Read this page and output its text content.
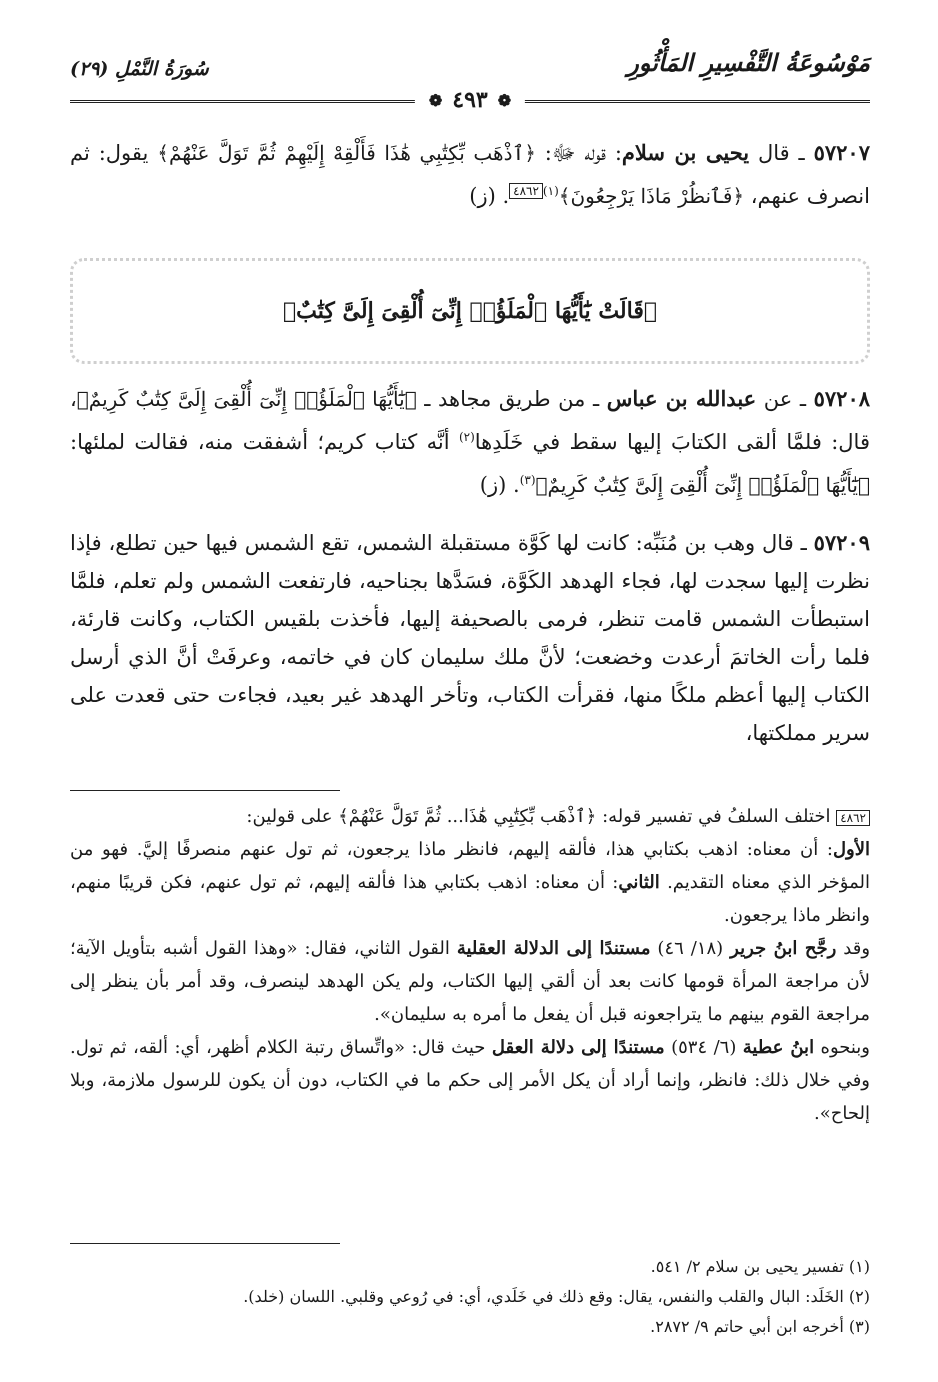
مَوْسُوعَةُ التَّفْسِيرِ المَأْثُورِ
سُورَةُ النَّمْلِ (٢٩)
❁
٤٩٣
❁

٥٧٢٠٧ ـ قال يحيى بن سلام: قوله ﷻ: ﴿ٱذْهَب بِّكِتَٰبِي هَٰذَا فَأَلْقِهْ إِلَيْهِمْ ثُمَّ تَوَلَّ عَنْهُمْ﴾ يقول: ثم انصرف عنهم، ﴿فَٱنظُرْ مَاذَا يَرْجِعُونَ﴾$^{(١)}$٤٨٦٢. (ز)

﴿قَالَتْ يَٰٓأَيُّهَا ٱلْمَلَؤُا۟ إِنِّىٓ أُلْقِىَ إِلَىَّ كِتَٰبٌ﴾

٥٧٢٠٨ ـ عن عبدالله بن عباس ـ من طريق مجاهد ـ ﴿يَٰٓأَيُّهَا ٱلْمَلَؤُا۟ إِنِّىٓ أُلْقِىَ إِلَىَّ كِتَٰبٌ كَرِيمٌ﴾، قال: فلمَّا ألقى الكتابَ إليها سقط في خَلَدِها$^{(٢)}$ أنَّه كتاب كريم؛ أشفقت منه، فقالت لملئها: ﴿يَٰٓأَيُّهَا ٱلْمَلَؤُا۟ إِنِّىٓ أُلْقِىَ إِلَىَّ كِتَٰبٌ كَرِيمٌ﴾$^{(٣)}$. (ز)

٥٧٢٠٩ ـ قال وهب بن مُنَبِّه: كانت لها كَوَّة مستقبلة الشمس، تقع الشمس فيها حين تطلع، فإذا نظرت إليها سجدت لها، فجاء الهدهد الكَوَّة، فسَدَّها بجناحيه، فارتفعت الشمس ولم تعلم، فلمَّا استبطأت الشمس قامت تنظر، فرمى بالصحيفة إليها، فأخذت بلقيس الكتاب، وكانت قارئة، فلما رأت الخاتمَ أرعدت وخضعت؛ لأنَّ ملك سليمان كان في خاتمه، وعرفَتْ أنَّ الذي أرسل الكتاب إليها أعظم ملكًا منها، فقرأت الكتاب، وتأخر الهدهد غير بعيد، فجاءت حتى قعدت على سرير مملكتها،

٤٨٦٢ اختلف السلفُ في تفسير قوله: ﴿ٱذْهَب بِّكِتَٰبِي هَٰذَا... ثُمَّ تَوَلَّ عَنْهُمْ﴾ على قولين:
الأول: أن معناه: اذهب بكتابي هذا، فألقه إليهم، فانظر ماذا يرجعون، ثم تول عنهم منصرفًا إليَّ. فهو من المؤخر الذي معناه التقديم. الثاني: أن معناه: اذهب بكتابي هذا فألقه إليهم، ثم تول عنهم، فكن قريبًا منهم، وانظر ماذا يرجعون.

وقد رجَّح ابنُ جرير (١٨/ ٤٦) مستندًا إلى الدلالة العقلية القول الثاني، فقال: «وهذا القول أشبه بتأويل الآية؛ لأن مراجعة المرأة قومها كانت بعد أن ألقي إليها الكتاب، ولم يكن الهدهد لينصرف، وقد أمر بأن ينظر إلى مراجعة القوم بينهم ما يتراجعونه قبل أن يفعل ما أمره به سليمان».

وبنحوه ابنُ عطية (٦/ ٥٣٤) مستندًا إلى دلالة العقل حيث قال: «واتِّساق رتبة الكلام أظهر، أي: ألقه، ثم تول. وفي خلال ذلك: فانظر، وإنما أراد أن يكل الأمر إلى حكم ما في الكتاب، دون أن يكون للرسول ملازمة، وبلا إلحاح».

(١) تفسير يحيى بن سلام ٢/ ٥٤١.

(٢) الخَلَد: البال والقلب والنفس، يقال: وقع ذلك في خَلَدي، أي: في رُوعي وقلبي. اللسان (خلد).

(٣) أخرجه ابن أبي حاتم ٩/ ٢٨٧٢.
